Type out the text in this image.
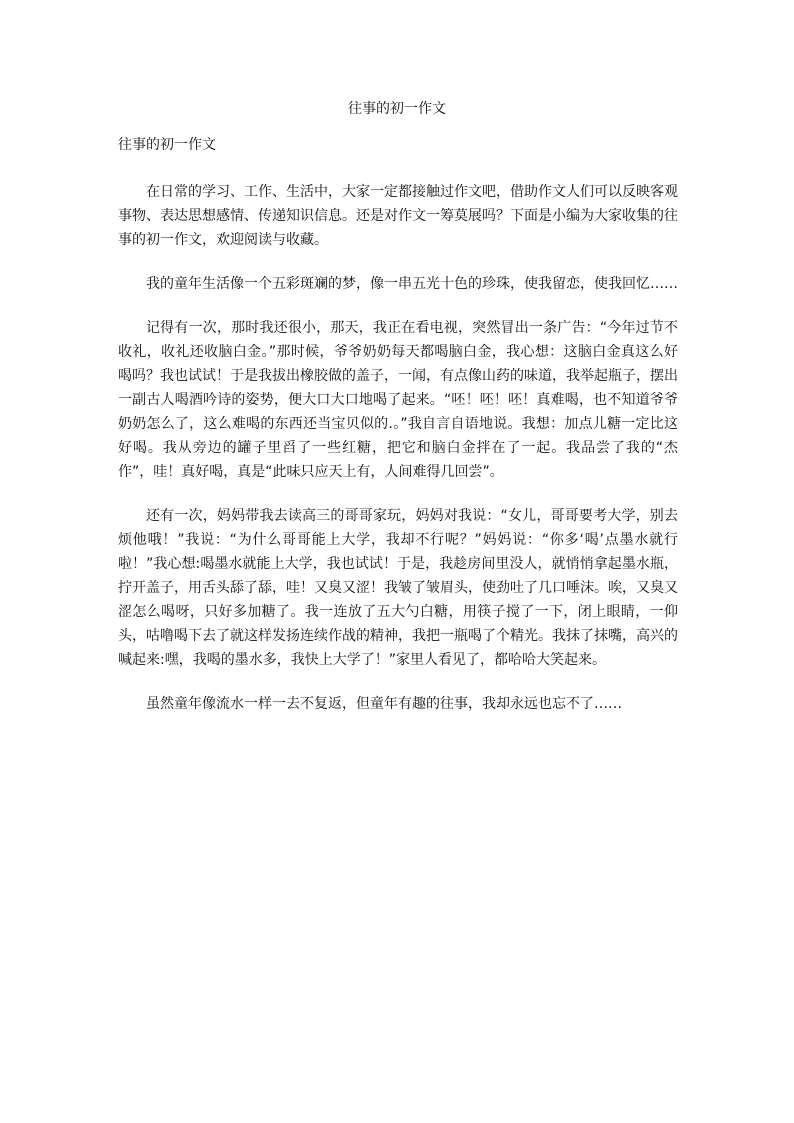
往事的初一作文
往事的初一作文

在日常的学习、工作、生活中，大家一定都接触过作文吧，借助作文人们可以反映客观事物、表达思想感情、传递知识信息。还是对作文一筹莫展吗？下面是小编为大家收集的往事的初一作文，欢迎阅读与收藏。

我的童年生活像一个五彩斑斓的梦，像一串五光十色的珍珠，使我留恋，使我回忆……

记得有一次，那时我还很小，那天，我正在看电视，突然冒出一条广告：“今年过节不收礼，收礼还收脑白金。”那时候，爷爷奶奶每天都喝脑白金，我心想：这脑白金真这么好喝吗？我也试试！于是我拔出橡胶做的盖子，一闻，有点像山药的味道，我举起瓶子，摆出一副古人喝酒吟诗的姿势，便大口大口地喝了起来。“呸！呸！呸！真难喝，也不知道爷爷奶奶怎么了，这么难喝的东西还当宝贝似的.。”我自言自语地说。我想：加点儿糖一定比这好喝。我从旁边的罐子里舀了一些红糖，把它和脑白金拌在了一起。我品尝了我的“杰作”，哇！真好喝，真是“此味只应天上有，人间难得几回尝”。

还有一次，妈妈带我去读高三的哥哥家玩，妈妈对我说：“女儿，哥哥要考大学，别去烦他哦！”我说：“为什么哥哥能上大学，我却不行呢？”妈妈说：“你多‘喝’点墨水就行啦！”我心想:喝墨水就能上大学，我也试试！于是，我趁房间里没人，就悄悄拿起墨水瓶，拧开盖子，用舌头舔了舔，哇！又臭又涩！我皱了皱眉头，使劲吐了几口唾沫。唉，又臭又涩怎么喝呀，只好多加糖了。我一连放了五大勺白糖，用筷子搅了一下，闭上眼睛，一仰头，咕噜喝下去了就这样发扬连续作战的精神，我把一瓶喝了个精光。我抹了抹嘴，高兴的喊起来:嘿，我喝的墨水多，我快上大学了！”家里人看见了，都哈哈大笑起来。

虽然童年像流水一样一去不复返，但童年有趣的往事，我却永远也忘不了……
